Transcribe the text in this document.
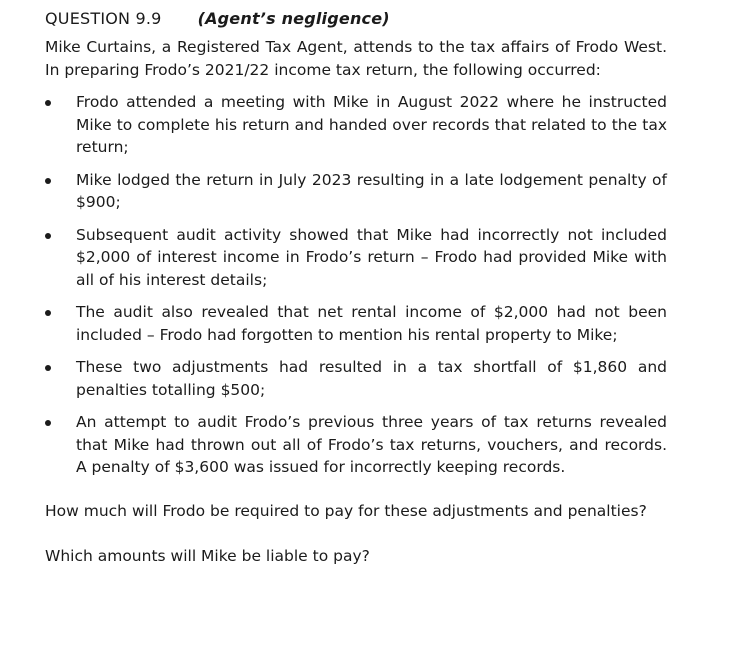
QUESTION 9.9 (Agent’s negligence)

Mike Curtains, a Registered Tax Agent, attends to the tax affairs of Frodo West. In preparing Frodo’s 2021/22 income tax return, the following occurred:

Frodo attended a meeting with Mike in August 2022 where he instructed Mike to complete his return and handed over records that related to the tax return;
Mike lodged the return in July 2023 resulting in a late lodgement penalty of $900;
Subsequent audit activity showed that Mike had incorrectly not included $2,000 of interest income in Frodo’s return – Frodo had provided Mike with all of his interest details;
The audit also revealed that net rental income of $2,000 had not been included – Frodo had forgotten to mention his rental property to Mike;
These two adjustments had resulted in a tax shortfall of $1,860 and penalties totalling $500;
An attempt to audit Frodo’s previous three years of tax returns revealed that Mike had thrown out all of Frodo’s tax returns, vouchers, and records. A penalty of $3,600 was issued for incorrectly keeping records.

How much will Frodo be required to pay for these adjustments and penalties?

Which amounts will Mike be liable to pay?
